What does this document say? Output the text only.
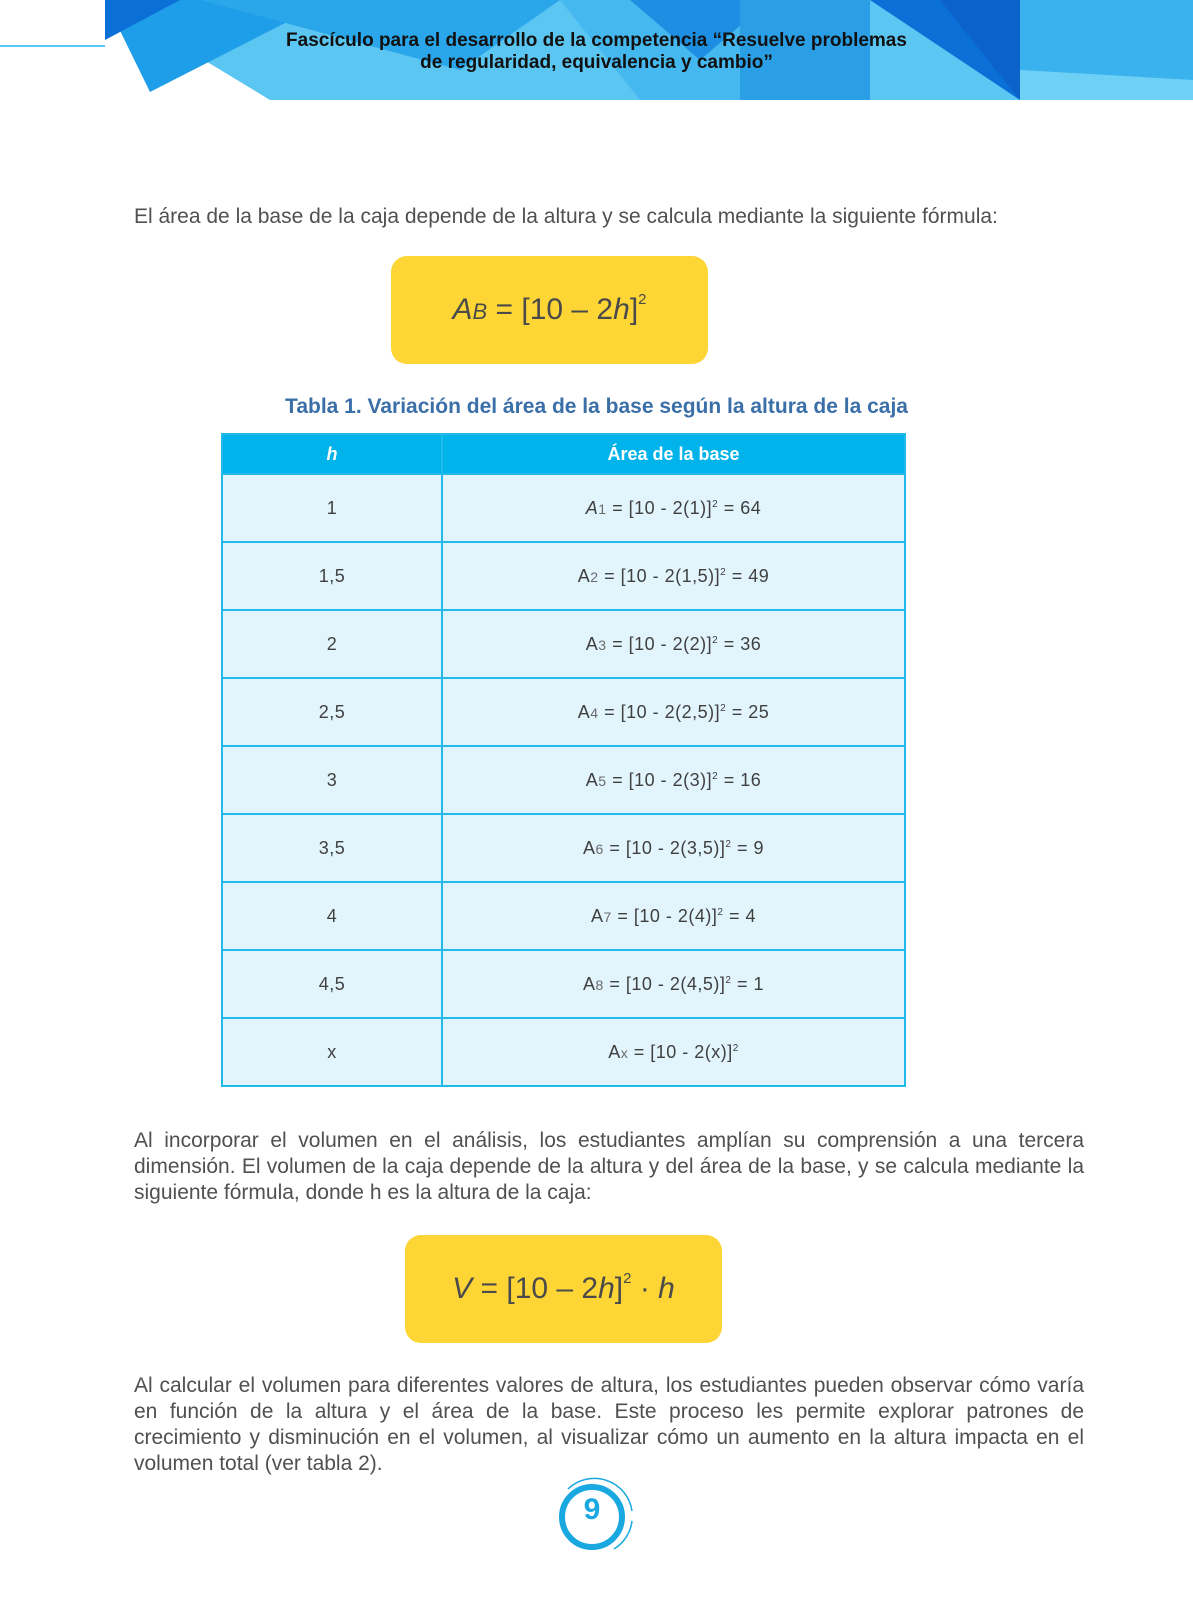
Fascículo para el desarrollo de la competencia “Resuelve problemas
de regularidad, equivalencia y cambio”

El área de la base de la caja depende de la altura y se calcula mediante la siguiente fórmula:

AB = [10 – 2h]$^2$
Tabla 1. Variación del área de la base según la altura de la caja
h	Área de la base
1	A1 = [10 - 2(1)]$^2$ = 64
1,5	A2 = [10 - 2(1,5)]$^2$ = 49
2	A3 = [10 - 2(2)]$^2$ = 36
2,5	A4 = [10 - 2(2,5)]$^2$ = 25
3	A5 = [10 - 2(3)]$^2$ = 16
3,5	A6 = [10 - 2(3,5)]$^2$ = 9
4	A7 = [10 - 2(4)]$^2$ = 4
4,5	A8 = [10 - 2(4,5)]$^2$ = 1
x	Ax = [10 - 2(x)]$^2$

Al incorporar el volumen en el análisis, los estudiantes amplían su comprensión a una tercera dimensión. El volumen de la caja depende de la altura y del área de la base, y se calcula mediante la siguiente fórmula, donde h es la altura de la caja:

V = [10 – 2h]$^2$ · h

Al calcular el volumen para diferentes valores de altura, los estudiantes pueden observar cómo varía en función de la altura y el área de la base. Este proceso les permite explorar patrones de crecimiento y disminución en el volumen, al visualizar cómo un aumento en la altura impacta en el volumen total (ver tabla 2).

9
